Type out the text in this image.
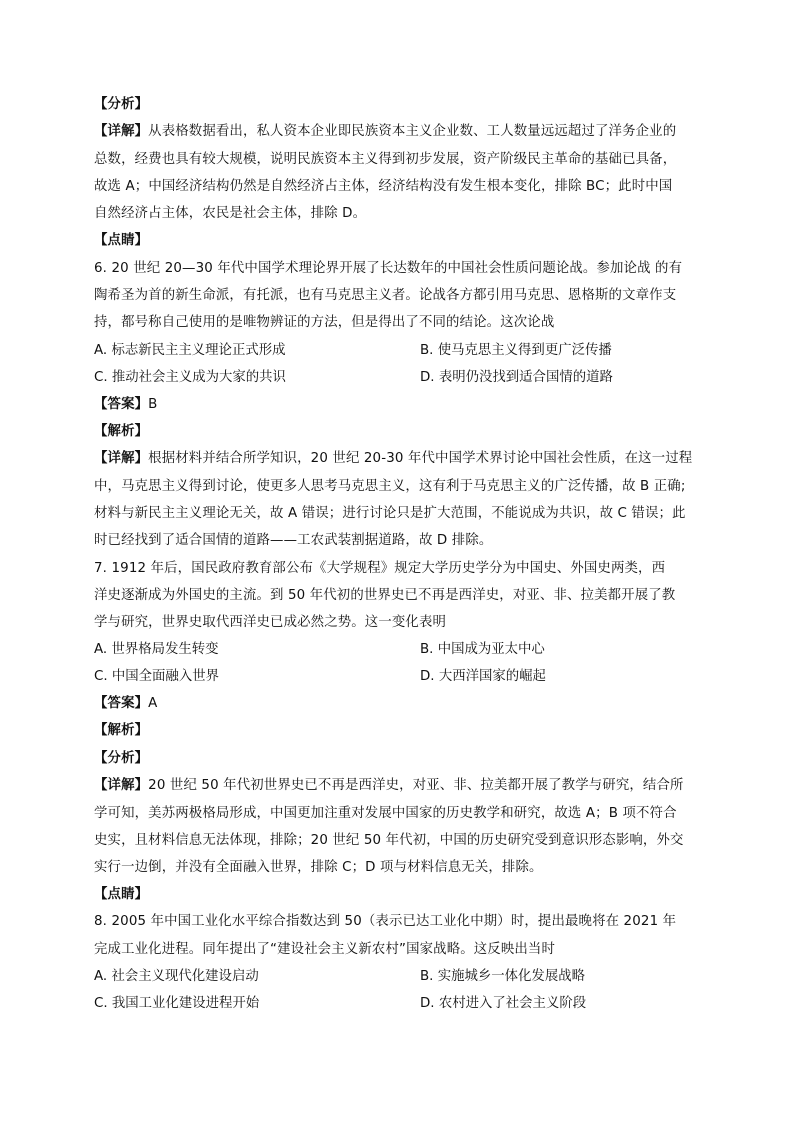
【分析】
【详解】从表格数据看出，私人资本企业即民族资本主义企业数、工人数量远远超过了洋务企业的
总数，经费也具有较大规模，说明民族资本主义得到初步发展，资产阶级民主革命的基础已具备，
故选 A；中国经济结构仍然是自然经济占主体，经济结构没有发生根本变化，排除 BC；此时中国
自然经济占主体，农民是社会主体，排除 D。
【点睛】
6. 20 世纪 20—30 年代中国学术理论界开展了长达数年的中国社会性质问题论战。参加论战 的有
陶希圣为首的新生命派，有托派，也有马克思主义者。论战各方都引用马克思、恩格斯的文章作支
持，都号称自己使用的是唯物辨证的方法，但是得出了不同的结论。这次论战
A. 标志新民主主义理论正式形成	B. 使马克思主义得到更广泛传播
C. 推动社会主义成为大家的共识	D. 表明仍没找到适合国情的道路
【答案】B
【解析】
【详解】根据材料并结合所学知识，20 世纪 20-30 年代中国学术界讨论中国社会性质，在这一过程
中，马克思主义得到讨论，使更多人思考马克思主义，这有利于马克思主义的广泛传播，故 B 正确;
材料与新民主主义理论无关，故 A 错误；进行讨论只是扩大范围，不能说成为共识，故 C 错误；此
时已经找到了适合国情的道路——工农武装割据道路，故 D 排除。
7. 1912 年后，国民政府教育部公布《大学规程》规定大学历史学分为中国史、外国史两类，西
洋史逐渐成为外国史的主流。到 50 年代初的世界史已不再是西洋史，对亚、非、拉美都开展了教
学与研究，世界史取代西洋史已成必然之势。这一变化表明
A. 世界格局发生转变	B. 中国成为亚太中心
C. 中国全面融入世界	D. 大西洋国家的崛起
【答案】A
【解析】
【分析】
【详解】20 世纪 50 年代初世界史已不再是西洋史，对亚、非、拉美都开展了教学与研究，结合所
学可知，美苏两极格局形成，中国更加注重对发展中国家的历史教学和研究，故选 A；B 项不符合
史实，且材料信息无法体现，排除；20 世纪 50 年代初，中国的历史研究受到意识形态影响，外交
实行一边倒，并没有全面融入世界，排除 C；D 项与材料信息无关，排除。
【点睛】
8. 2005 年中国工业化水平综合指数达到 50（表示已达工业化中期）时，提出最晚将在 2021 年
完成工业化进程。同年提出了“建设社会主义新农村”国家战略。这反映出当时
A. 社会主义现代化建设启动	B. 实施城乡一体化发展战略
C. 我国工业化建设进程开始	D. 农村进入了社会主义阶段
